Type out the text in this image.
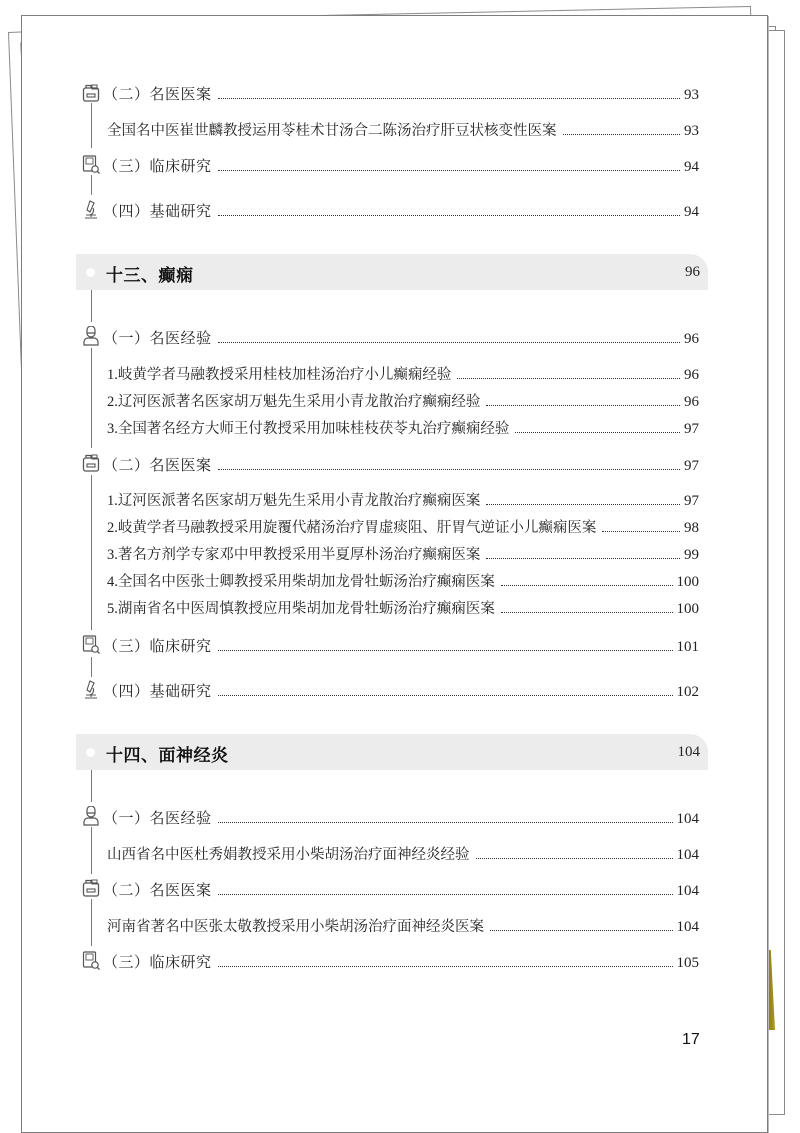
（二）名医医案	93
全国名中医崔世麟教授运用苓桂术甘汤合二陈汤治疗肝豆状核变性医案	93
（三）临床研究	94
（四）基础研究	94
十三、癫痫	96
（一）名医经验	96
1.岐黄学者马融教授采用桂枝加桂汤治疗小儿癫痫经验	96
2.辽河医派著名医家胡万魁先生采用小青龙散治疗癫痫经验	96
3.全国著名经方大师王付教授采用加味桂枝茯苓丸治疗癫痫经验	97
（二）名医医案	97
1.辽河医派著名医家胡万魁先生采用小青龙散治疗癫痫医案	97
2.岐黄学者马融教授采用旋覆代赭汤治疗胃虚痰阻、肝胃气逆证小儿癫痫医案	98
3.著名方剂学专家邓中甲教授采用半夏厚朴汤治疗癫痫医案	99
4.全国名中医张士卿教授采用柴胡加龙骨牡蛎汤治疗癫痫医案	100
5.湖南省名中医周慎教授应用柴胡加龙骨牡蛎汤治疗癫痫医案	100
（三）临床研究	101
（四）基础研究	102
十四、面神经炎	104
（一）名医经验	104
山西省名中医杜秀娟教授采用小柴胡汤治疗面神经炎经验	104
（二）名医医案	104
河南省著名中医张太敬教授采用小柴胡汤治疗面神经炎医案	104
（三）临床研究	105
17
